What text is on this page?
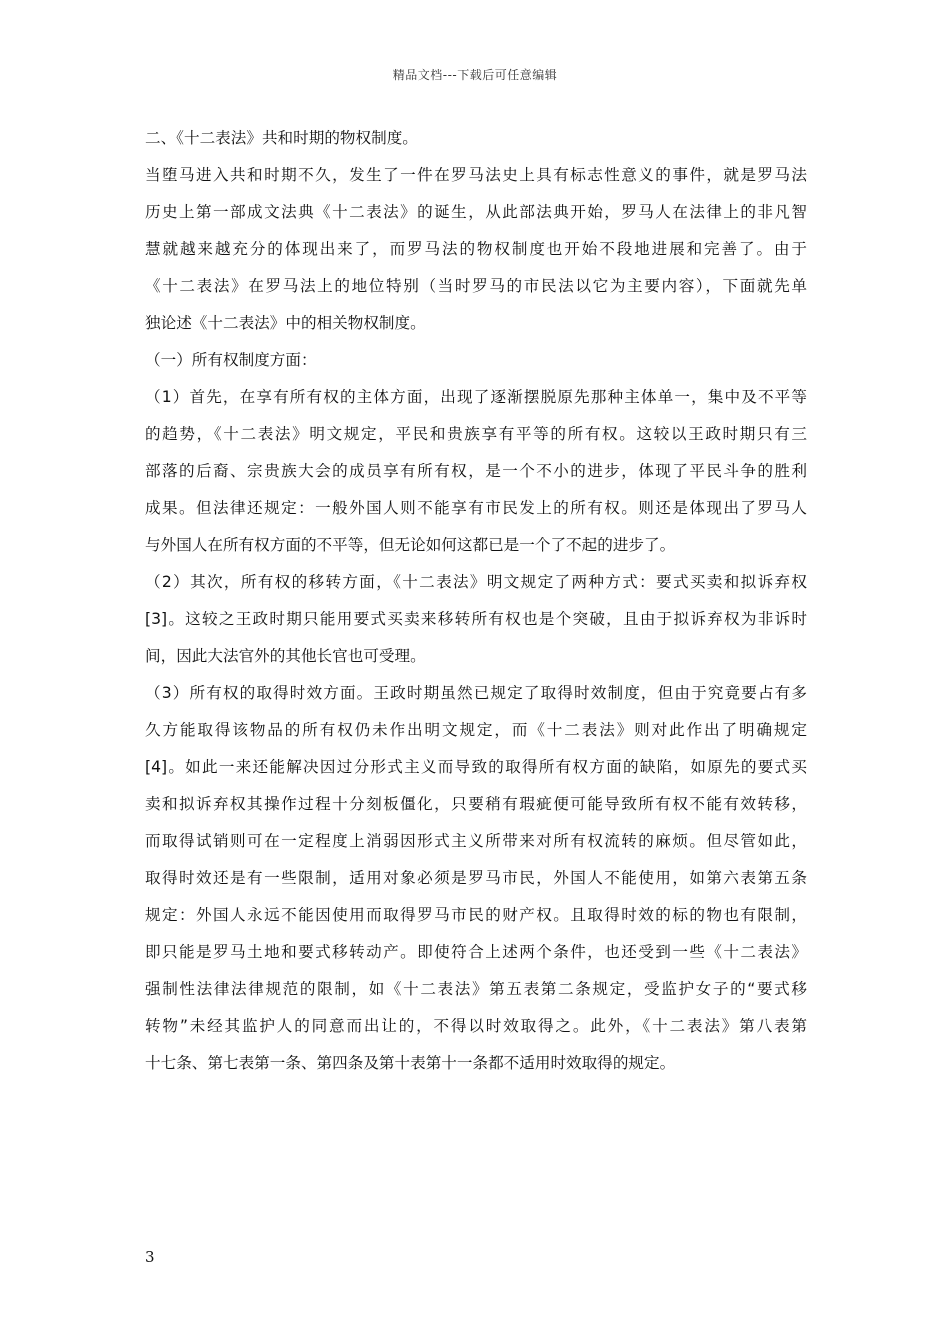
精品文档---下载后可任意编辑
二、《十二表法》共和时期的物权制度。
当堕马进入共和时期不久，发生了一件在罗马法史上具有标志性意义的事件，就是罗马法
历史上第一部成文法典《十二表法》的诞生，从此部法典开始，罗马人在法律上的非凡智
慧就越来越充分的体现出来了，而罗马法的物权制度也开始不段地进展和完善了。由于
《十二表法》在罗马法上的地位特别（当时罗马的市民法以它为主要内容），下面就先单
独论述《十二表法》中的相关物权制度。
（一）所有权制度方面：
（1）首先，在享有所有权的主体方面，出现了逐渐摆脱原先那种主体单一，集中及不平等
的趋势，《十二表法》明文规定，平民和贵族享有平等的所有权。这较以王政时期只有三
部落的后裔、宗贵族大会的成员享有所有权，是一个不小的进步，体现了平民斗争的胜利
成果。但法律还规定：一般外国人则不能享有市民发上的所有权。则还是体现出了罗马人
与外国人在所有权方面的不平等，但无论如何这都已是一个了不起的进步了。
（2）其次，所有权的移转方面，《十二表法》明文规定了两种方式：要式买卖和拟诉弃权
[3]。这较之王政时期只能用要式买卖来移转所有权也是个突破，且由于拟诉弃权为非诉时
间，因此大法官外的其他长官也可受理。
（3）所有权的取得时效方面。王政时期虽然已规定了取得时效制度，但由于究竟要占有多
久方能取得该物品的所有权仍未作出明文规定，而《十二表法》则对此作出了明确规定
[4]。如此一来还能解决因过分形式主义而导致的取得所有权方面的缺陷，如原先的要式买
卖和拟诉弃权其操作过程十分刻板僵化，只要稍有瑕疵便可能导致所有权不能有效转移，
而取得试销则可在一定程度上消弱因形式主义所带来对所有权流转的麻烦。但尽管如此，
取得时效还是有一些限制，适用对象必须是罗马市民，外国人不能使用，如第六表第五条
规定：外国人永远不能因使用而取得罗马市民的财产权。且取得时效的标的物也有限制，
即只能是罗马土地和要式移转动产。即使符合上述两个条件，也还受到一些《十二表法》
强制性法律法律规范的限制，如《十二表法》第五表第二条规定，受监护女子的“要式移
转物”未经其监护人的同意而出让的，不得以时效取得之。此外，《十二表法》第八表第
十七条、第七表第一条、第四条及第十表第十一条都不适用时效取得的规定。
3
